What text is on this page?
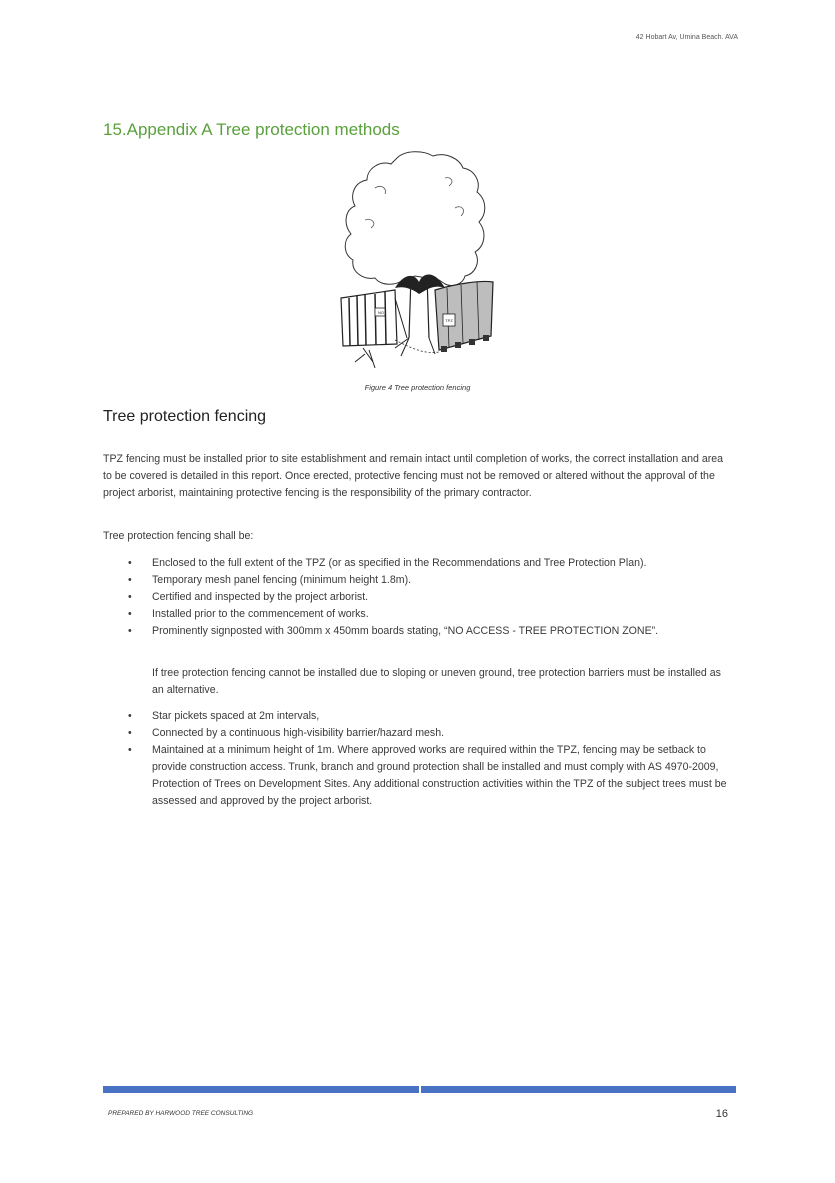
42 Hobart Av, Umina Beach. AVA
15.Appendix A Tree protection methods
TPZ
NO
Figure 4 Tree protection fencing
Tree protection fencing

TPZ fencing must be installed prior to site establishment and remain intact until completion of works, the correct installation and area to be covered is detailed in this report. Once erected, protective fencing must not be removed or altered without the approval of the project arborist, maintaining protective fencing is the responsibility of the primary contractor.

Tree protection fencing shall be:

• Enclosed to the full extent of the TPZ (or as specified in the Recommendations and Tree Protection Plan).
• Temporary mesh panel fencing (minimum height 1.8m).
• Certified and inspected by the project arborist.
• Installed prior to the commencement of works.
• Prominently signposted with 300mm x 450mm boards stating, “NO ACCESS - TREE PROTECTION ZONE”.

If tree protection fencing cannot be installed due to sloping or uneven ground, tree protection barriers must be installed as an alternative.

• Star pickets spaced at 2m intervals,
• Connected by a continuous high-visibility barrier/hazard mesh.
• Maintained at a minimum height of 1m. Where approved works are required within the TPZ, fencing may be setback to provide construction access. Trunk, branch and ground protection shall be installed and must comply with AS 4970-2009, Protection of Trees on Development Sites. Any additional construction activities within the TPZ of the subject trees must be assessed and approved by the project arborist.
PREPARED BY HARWOOD TREE CONSULTING	16
